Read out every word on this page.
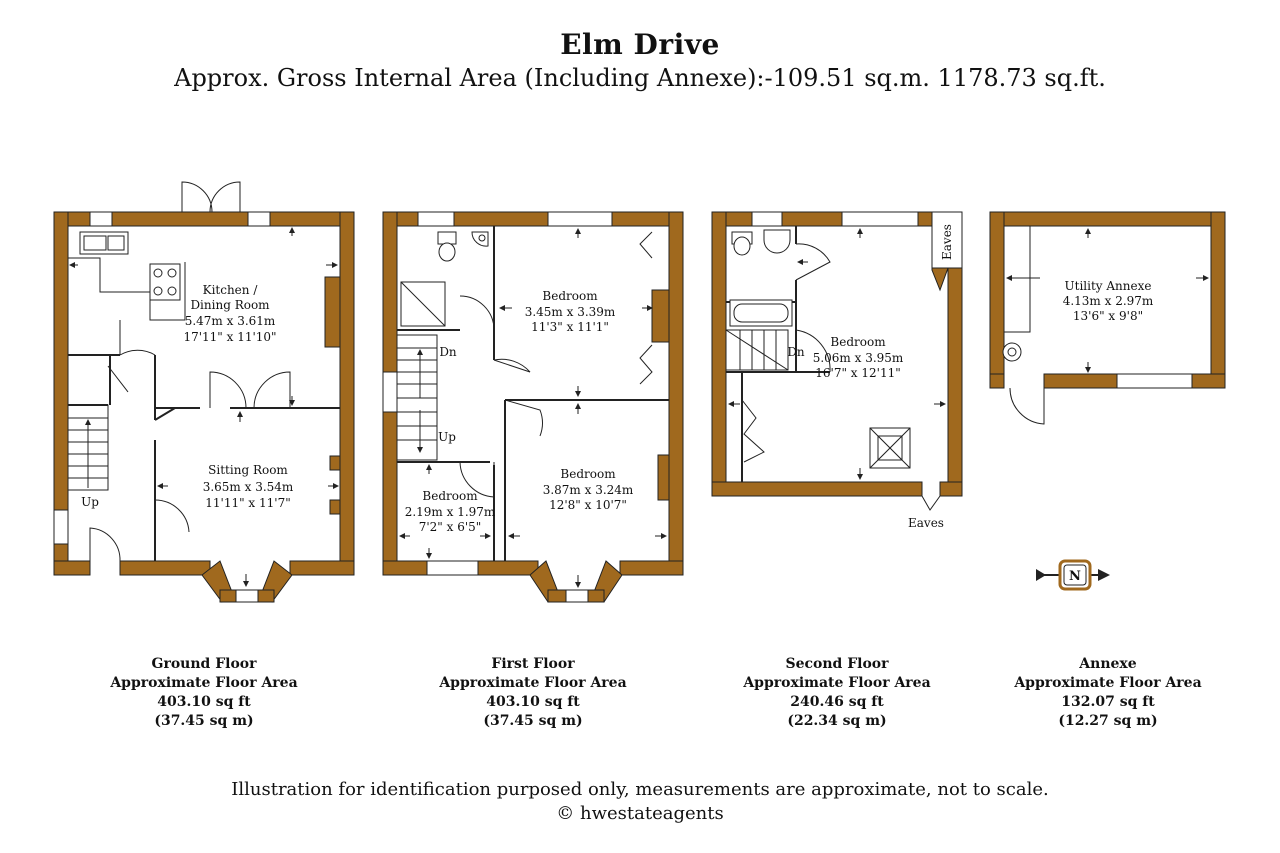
Elm Drive
Approx. Gross Internal Area (Including Annexe):-109.51 sq.m. 1178.73 sq.ft.
Kitchen /
Dining Room
5.47m x 3.61m
17'11" x 11'10"
Sitting Room
3.65m x 3.54m
11'11" x 11'7"
Up
Bedroom
3.45m x 3.39m
11'3" x 11'1"
Bedroom
3.87m x 3.24m
12'8" x 10'7"
Bedroom
2.19m x 1.97m
7'2" x 6'5"
Dn
Up
Bedroom
5.06m x 3.95m
16'7" x 12'11"
Dn
Eaves
Eaves
Utility Annexe
4.13m x 2.97m
13'6" x 9'8"
N
Ground Floor
Approximate Floor Area
403.10 sq ft
(37.45 sq m)
First Floor
Approximate Floor Area
403.10 sq ft
(37.45 sq m)
Second Floor
Approximate Floor Area
240.46 sq ft
(22.34 sq m)
Annexe
Approximate Floor Area
132.07 sq ft
(12.27 sq m)
Illustration for identification purposed only, measurements are approximate, not to scale.
© hwestateagents
